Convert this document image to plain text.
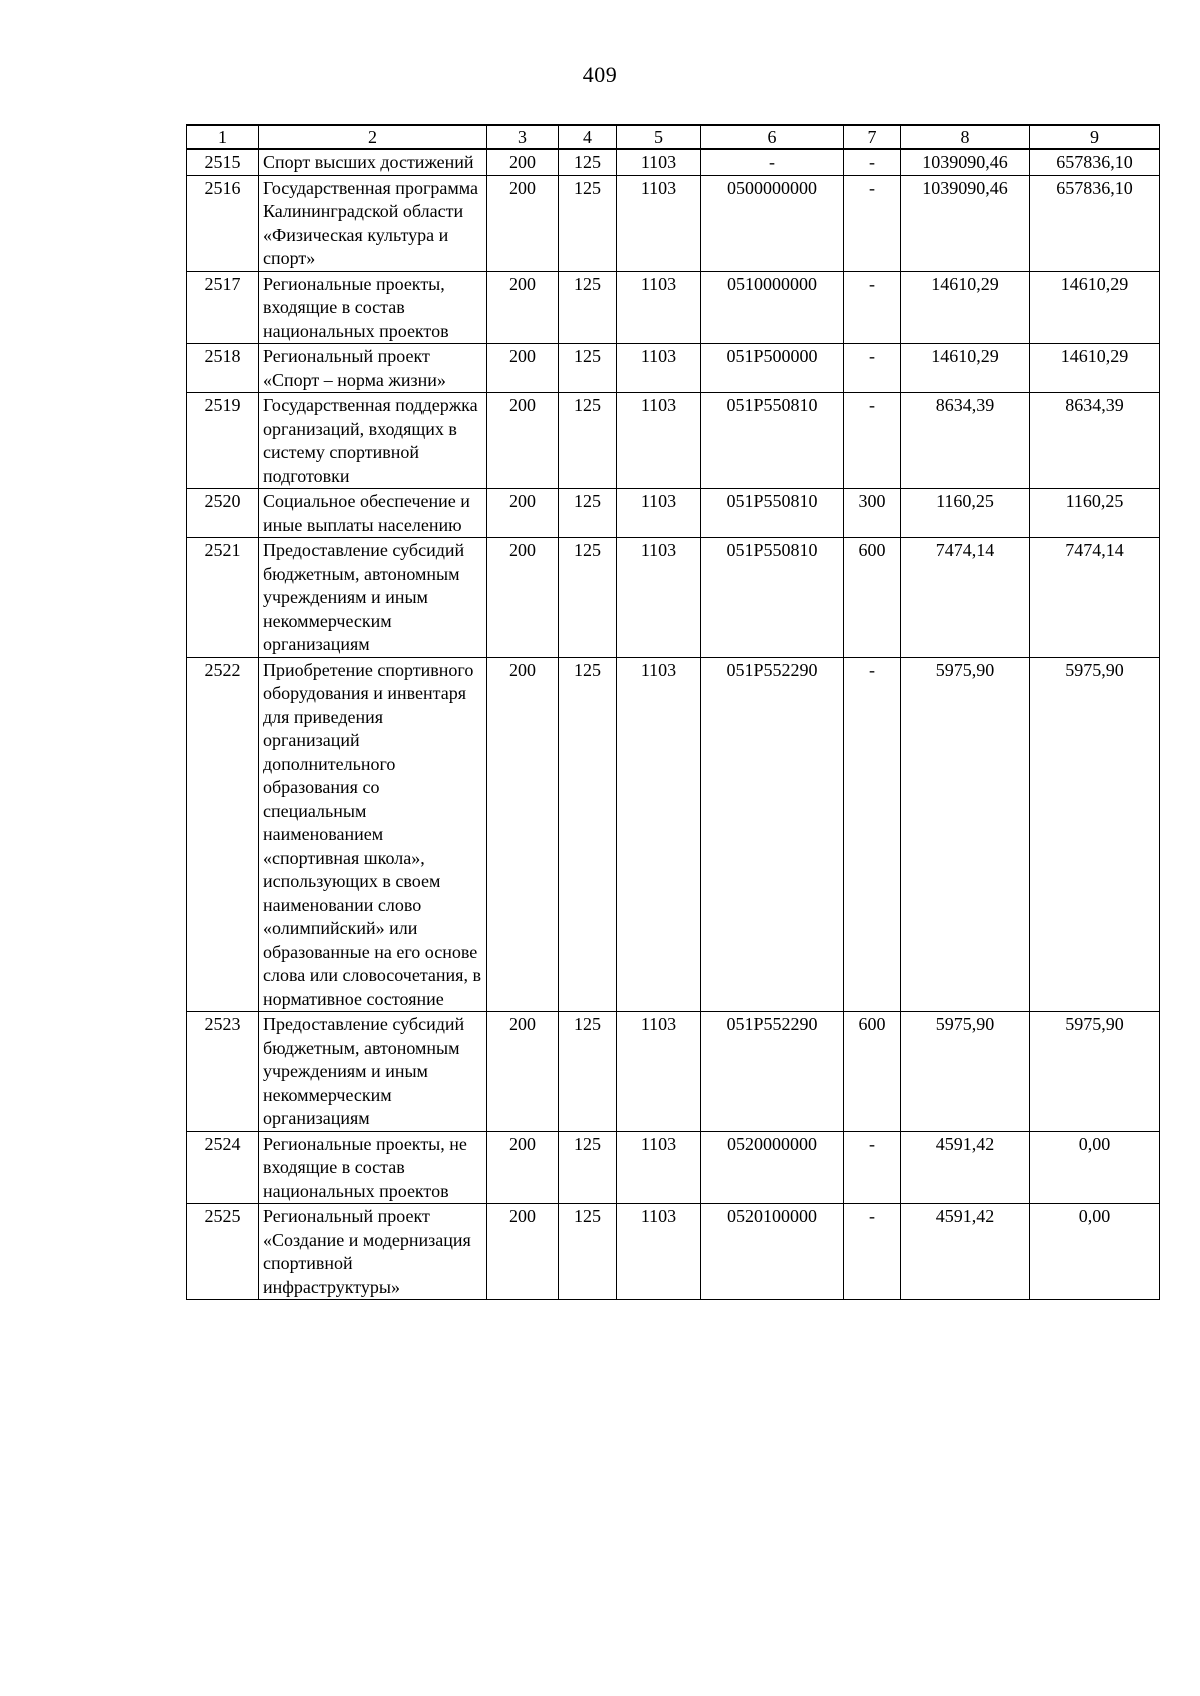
409
1	2	3	4	5	6	7	8	9
2515	Спорт высших достижений	200	125	1103	-	-	1039090,46	657836,10
2516	Государственная программа Калининградской области «Физическая культура и спорт»	200	125	1103	0500000000	-	1039090,46	657836,10
2517	Региональные проекты, входящие в состав национальных проектов	200	125	1103	0510000000	-	14610,29	14610,29
2518	Региональный проект «Спорт – норма жизни»	200	125	1103	051P500000	-	14610,29	14610,29
2519	Государственная поддержка организаций, входящих в систему спортивной подготовки	200	125	1103	051P550810	-	8634,39	8634,39
2520	Социальное обеспечение и иные выплаты населению	200	125	1103	051P550810	300	1160,25	1160,25
2521	Предоставление субсидий бюджетным, автономным учреждениям и иным некоммерческим организациям	200	125	1103	051P550810	600	7474,14	7474,14
2522	Приобретение спортивного оборудования и инвентаря для приведения организаций дополнительного образования со специальным наименованием «спортивная школа», использующих в своем наименовании слово «олимпийский» или образованные на его основе слова или словосочетания, в нормативное состояние	200	125	1103	051P552290	-	5975,90	5975,90
2523	Предоставление субсидий бюджетным, автономным учреждениям и иным некоммерческим организациям	200	125	1103	051P552290	600	5975,90	5975,90
2524	Региональные проекты, не входящие в состав национальных проектов	200	125	1103	0520000000	-	4591,42	0,00
2525	Региональный проект «Создание и модернизация спортивной инфраструктуры»	200	125	1103	0520100000	-	4591,42	0,00
